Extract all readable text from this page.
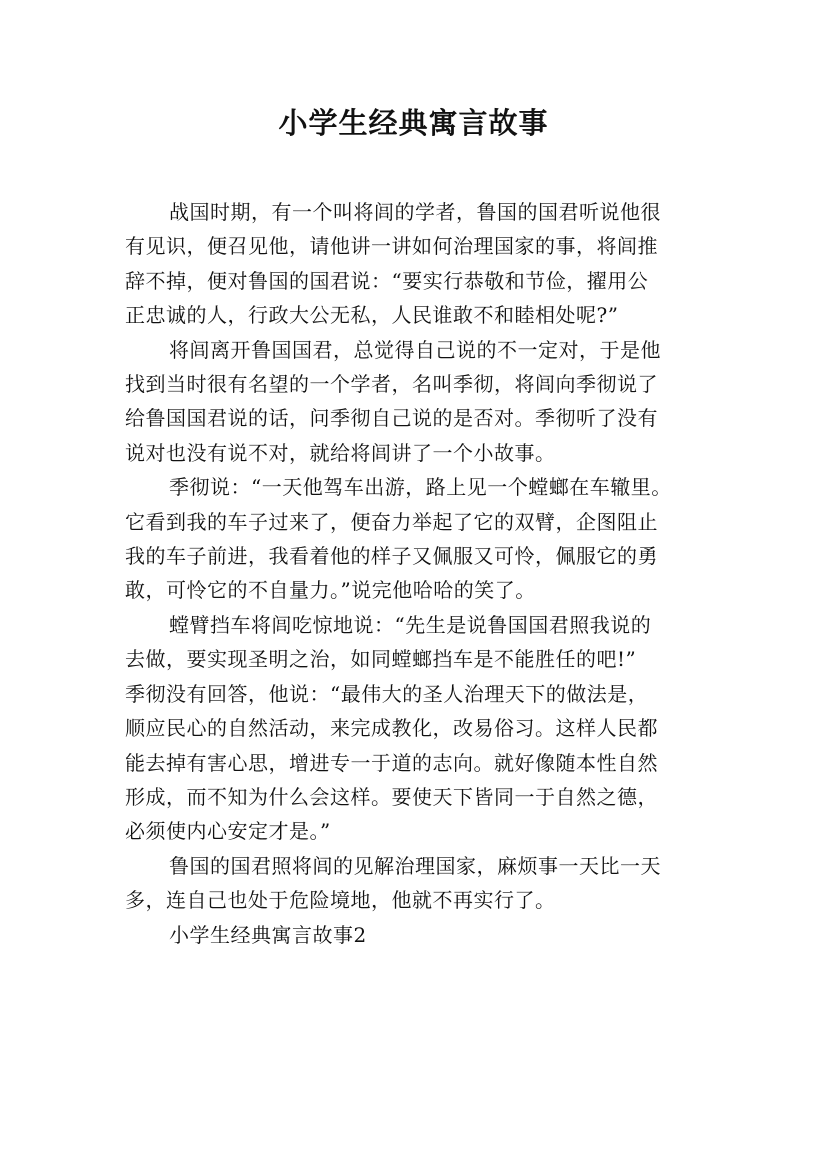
小学生经典寓言故事

战国时期，有一个叫将闾的学者，鲁国的国君听说他很

有见识，便召见他，请他讲一讲如何治理国家的事，将闾推

辞不掉，便对鲁国的国君说：“要实行恭敬和节俭，擢用公

正忠诚的人，行政大公无私，人民谁敢不和睦相处呢?”

将闾离开鲁国国君，总觉得自己说的不一定对，于是他

找到当时很有名望的一个学者，名叫季彻，将闾向季彻说了

给鲁国国君说的话，问季彻自己说的是否对。季彻听了没有

说对也没有说不对，就给将闾讲了一个小故事。

季彻说：“一天他驾车出游，路上见一个螳螂在车辙里。

它看到我的车子过来了，便奋力举起了它的双臂，企图阻止

我的车子前进，我看着他的样子又佩服又可怜，佩服它的勇

敢，可怜它的不自量力。”说完他哈哈的笑了。

螳臂挡车将闾吃惊地说：“先生是说鲁国国君照我说的

去做，要实现圣明之治，如同螳螂挡车是不能胜任的吧!”

季彻没有回答，他说：“最伟大的圣人治理天下的做法是，

顺应民心的自然活动，来完成教化，改易俗习。这样人民都

能去掉有害心思，增进专一于道的志向。就好像随本性自然

形成，而不知为什么会这样。要使天下皆同一于自然之德，

必须使内心安定才是。”

鲁国的国君照将闾的见解治理国家，麻烦事一天比一天

多，连自己也处于危险境地，他就不再实行了。

小学生经典寓言故事2
